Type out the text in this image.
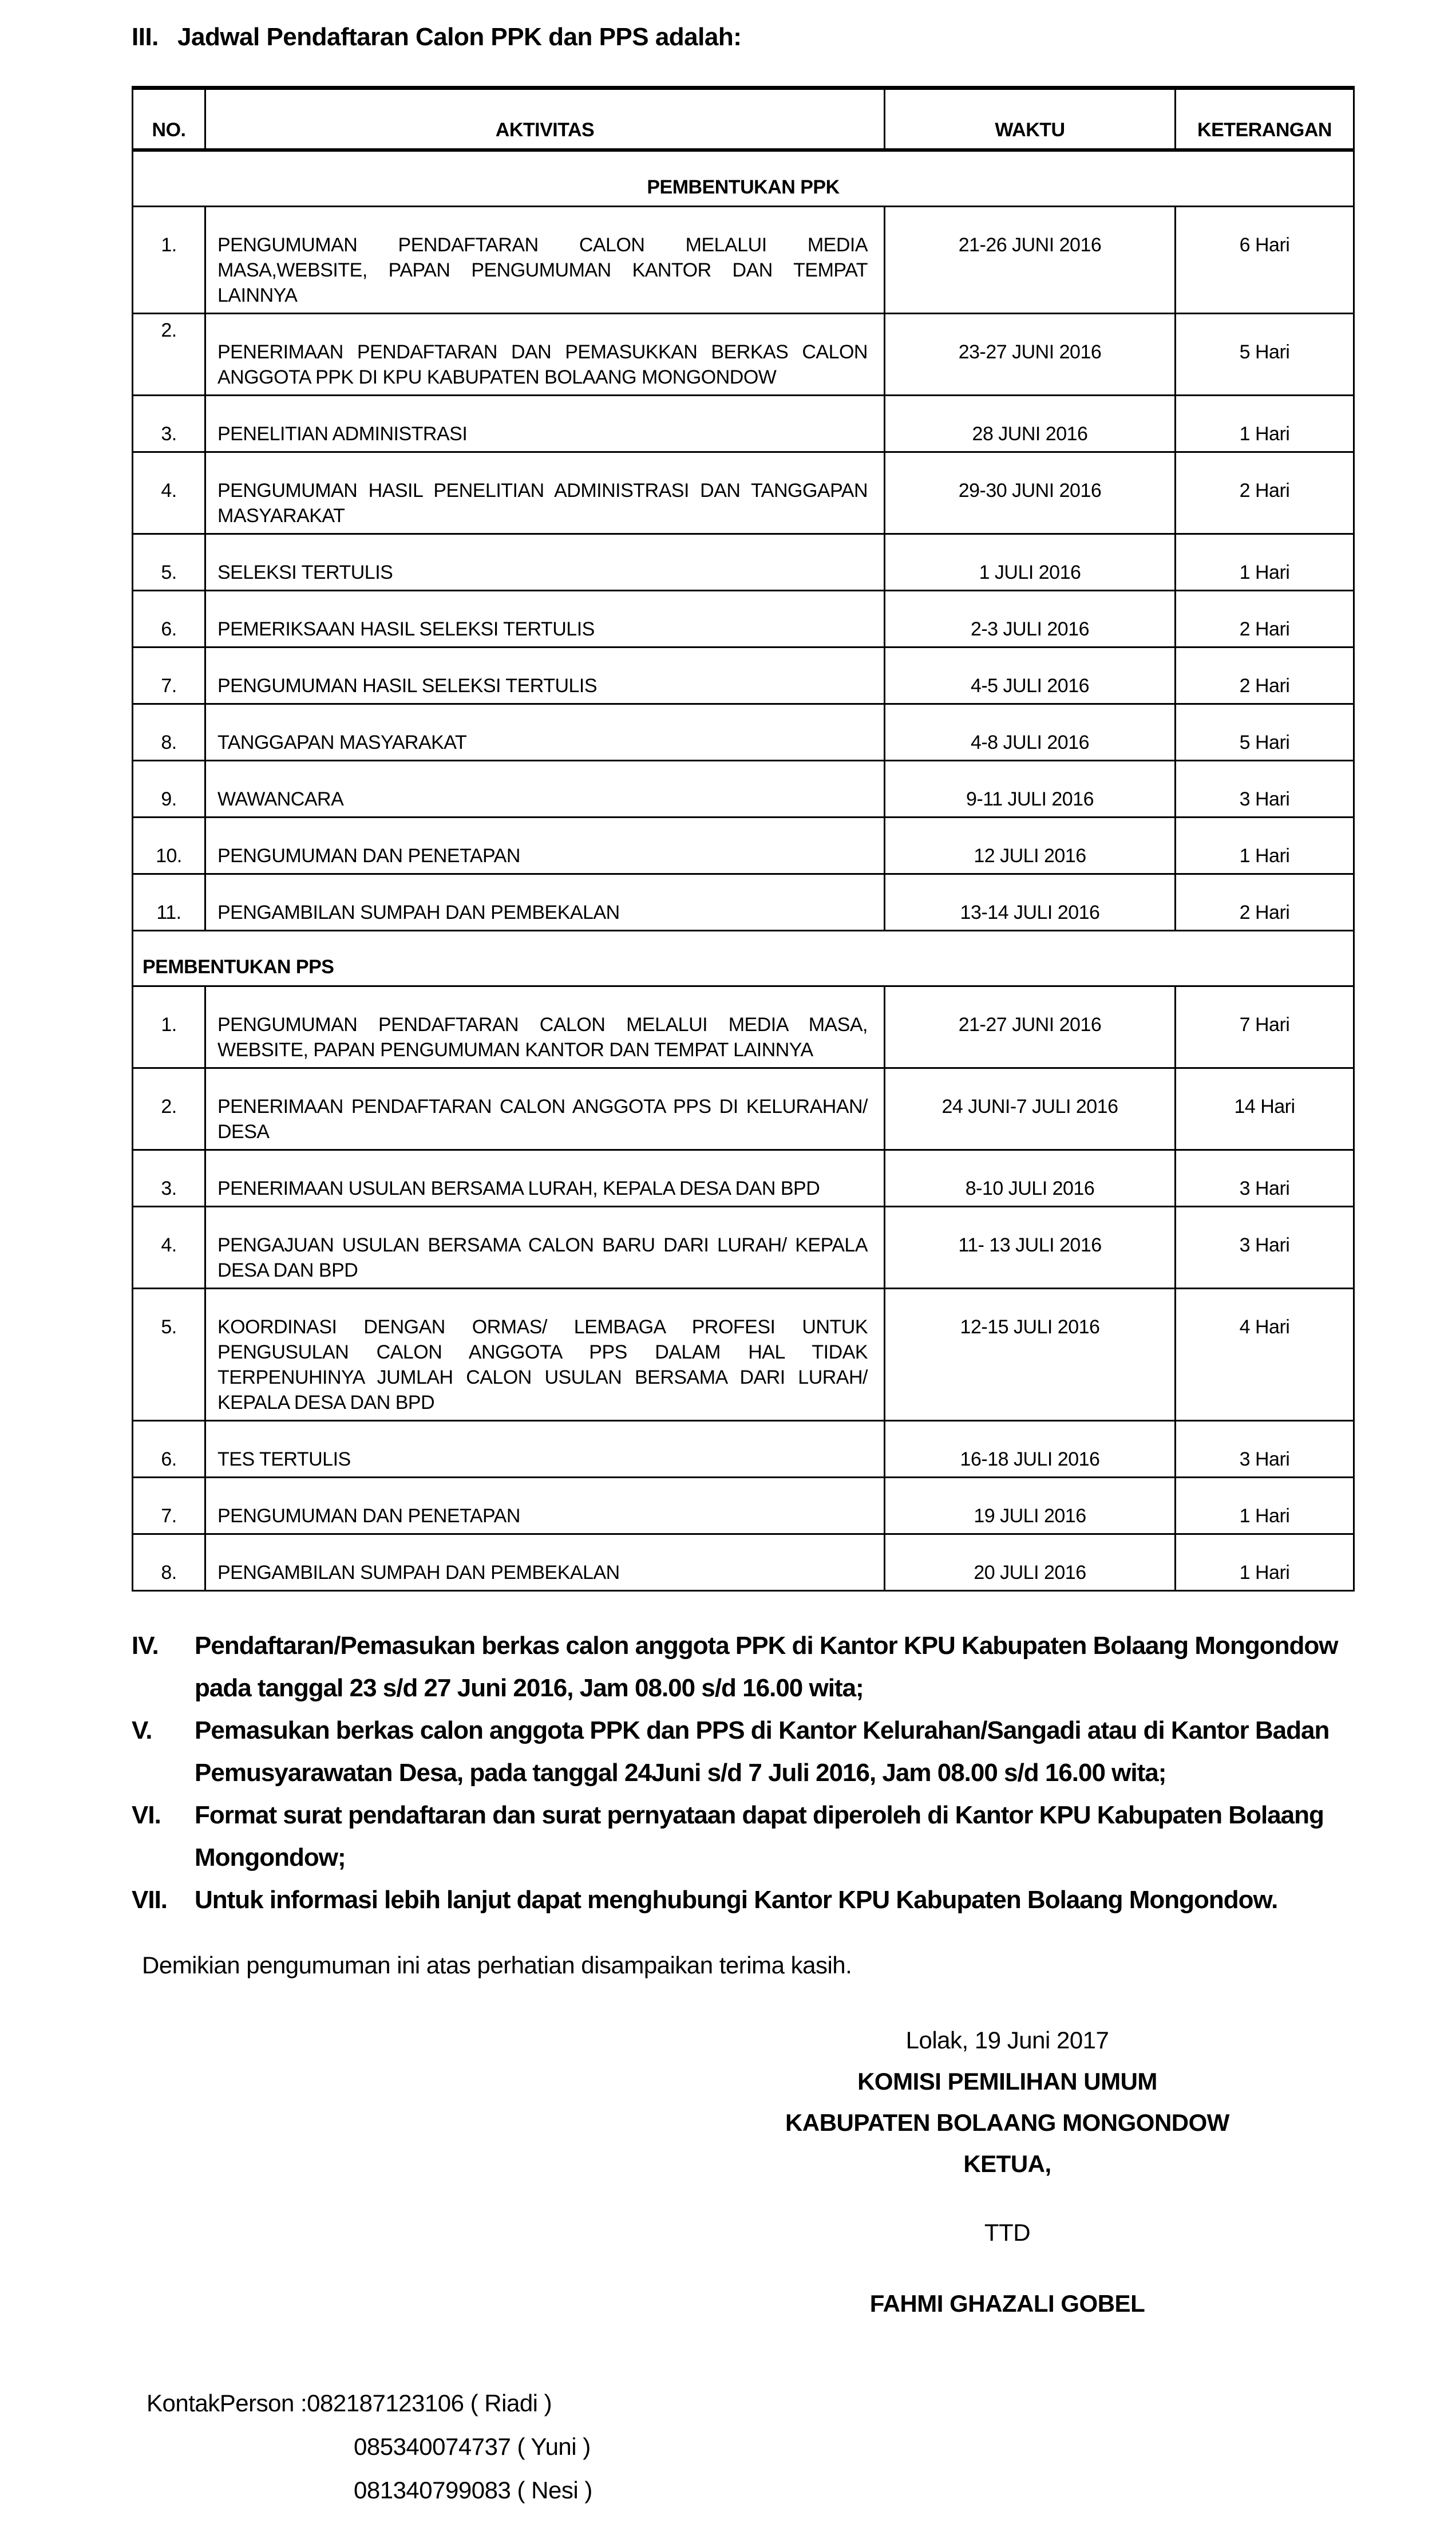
III. Jadwal Pendaftaran Calon PPK dan PPS adalah:
NO.	AKTIVITAS	WAKTU	KETERANGAN
PEMBENTUKAN PPK			
1.	PENGUMUMAN PENDAFTARAN CALON MELALUI MEDIA MASA,WEBSITE, PAPAN PENGUMUMAN KANTOR DAN TEMPAT LAINNYA	21-26 JUNI 2016	6 Hari
2.	PENERIMAAN PENDAFTARAN DAN PEMASUKKAN BERKAS CALON ANGGOTA PPK DI KPU KABUPATEN BOLAANG MONGONDOW	23-27 JUNI 2016	5 Hari
3.	PENELITIAN ADMINISTRASI	28 JUNI 2016	1 Hari
4.	PENGUMUMAN HASIL PENELITIAN ADMINISTRASI DAN TANGGAPAN MASYARAKAT	29-30 JUNI 2016	2 Hari
5.	SELEKSI TERTULIS	1 JULI 2016	1 Hari
6.	PEMERIKSAAN HASIL SELEKSI TERTULIS	2-3 JULI 2016	2 Hari
7.	PENGUMUMAN HASIL SELEKSI TERTULIS	4-5 JULI 2016	2 Hari
8.	TANGGAPAN MASYARAKAT	4-8 JULI 2016	5 Hari
9.	WAWANCARA	9-11 JULI 2016	3 Hari
10.	PENGUMUMAN DAN PENETAPAN	12 JULI 2016	1 Hari
11.	PENGAMBILAN SUMPAH DAN PEMBEKALAN	13-14 JULI 2016	2 Hari
PEMBENTUKAN PPS			
1.	PENGUMUMAN PENDAFTARAN CALON MELALUI MEDIA MASA, WEBSITE, PAPAN PENGUMUMAN KANTOR DAN TEMPAT LAINNYA	21-27 JUNI 2016	7 Hari
2.	PENERIMAAN PENDAFTARAN CALON ANGGOTA PPS DI KELURAHAN/ DESA	24 JUNI-7 JULI 2016	14 Hari
3.	PENERIMAAN USULAN BERSAMA LURAH, KEPALA DESA DAN BPD	8-10 JULI 2016	3 Hari
4.	PENGAJUAN USULAN BERSAMA CALON BARU DARI LURAH/ KEPALA DESA DAN BPD	11- 13 JULI 2016	3 Hari
5.	KOORDINASI DENGAN ORMAS/ LEMBAGA PROFESI UNTUK PENGUSULAN CALON ANGGOTA PPS DALAM HAL TIDAK TERPENUHINYA JUMLAH CALON USULAN BERSAMA DARI LURAH/ KEPALA DESA DAN BPD	12-15 JULI 2016	4 Hari
6.	TES TERTULIS	16-18 JULI 2016	3 Hari
7.	PENGUMUMAN DAN PENETAPAN	19 JULI 2016	1 Hari
8.	PENGAMBILAN SUMPAH DAN PEMBEKALAN	20 JULI 2016	1 Hari
IV.	Pendaftaran/Pemasukan berkas calon anggota PPK di Kantor KPU Kabupaten Bolaang Mongondow pada tanggal 23 s/d 27 Juni 2016, Jam 08.00 s/d 16.00 wita;
V.	Pemasukan berkas calon anggota PPK dan PPS di Kantor Kelurahan/Sangadi atau di Kantor Badan Pemusyarawatan Desa, pada tanggal 24Juni s/d 7 Juli 2016, Jam 08.00 s/d 16.00 wita;
VI.	Format surat pendaftaran dan surat pernyataan dapat diperoleh di Kantor KPU Kabupaten Bolaang Mongondow;
VII.	Untuk informasi lebih lanjut dapat menghubungi Kantor KPU Kabupaten Bolaang Mongondow.

Demikian pengumuman ini atas perhatian disampaikan terima kasih.

Lolak, 19 Juni 2017
KOMISI PEMILIHAN UMUM
KABUPATEN BOLAANG MONGONDOW
KETUA,
TTD
FAHMI GHAZALI GOBEL
KontakPerson :082187123106 ( Riadi )
085340074737 ( Yuni )
081340799083 ( Nesi )
